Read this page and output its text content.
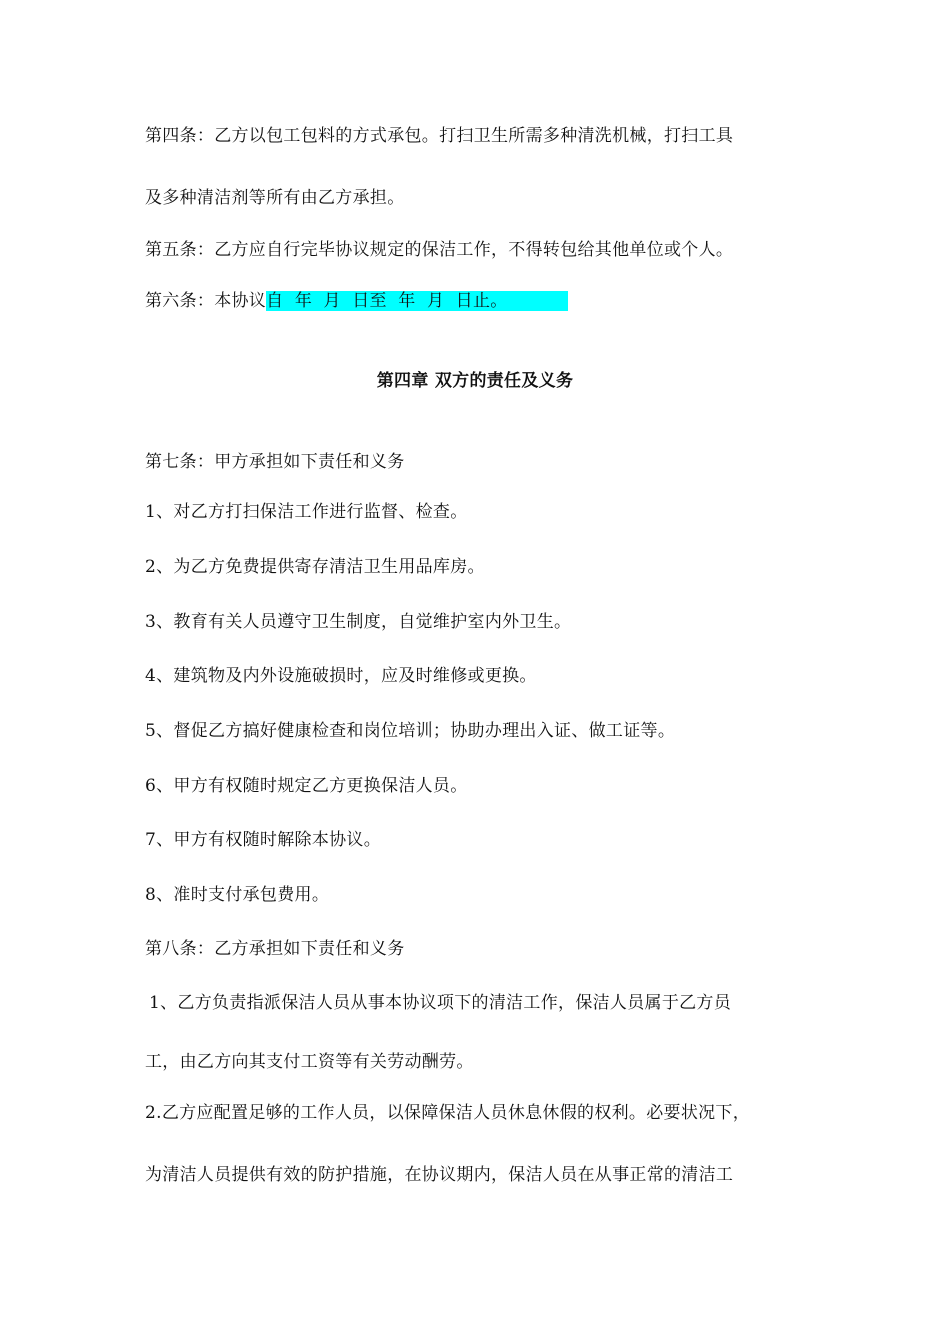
第四条：乙方以包工包料的方式承包。打扫卫生所需多种清洗机械，打扫工具
及多种清洁剂等所有由乙方承担。
第五条：乙方应自行完毕协议规定的保洁工作，不得转包给其他单位或个人。
第六条：本协议自  年  月  日至  年  月  日止。
第四章 双方的责任及义务
第七条：甲方承担如下责任和义务
1、对乙方打扫保洁工作进行监督、检查。
2、为乙方免费提供寄存清洁卫生用品库房。
3、教育有关人员遵守卫生制度，自觉维护室内外卫生。
4、建筑物及内外设施破损时，应及时维修或更换。
5、督促乙方搞好健康检查和岗位培训；协助办理出入证、做工证等。
6、甲方有权随时规定乙方更换保洁人员。
7、甲方有权随时解除本协议。
8、准时支付承包费用。
第八条：乙方承担如下责任和义务
1、乙方负责指派保洁人员从事本协议项下的清洁工作，保洁人员属于乙方员
工，由乙方向其支付工资等有关劳动酬劳。
2.乙方应配置足够的工作人员，以保障保洁人员休息休假的权利。必要状况下，
为清洁人员提供有效的防护措施，在协议期内，保洁人员在从事正常的清洁工
